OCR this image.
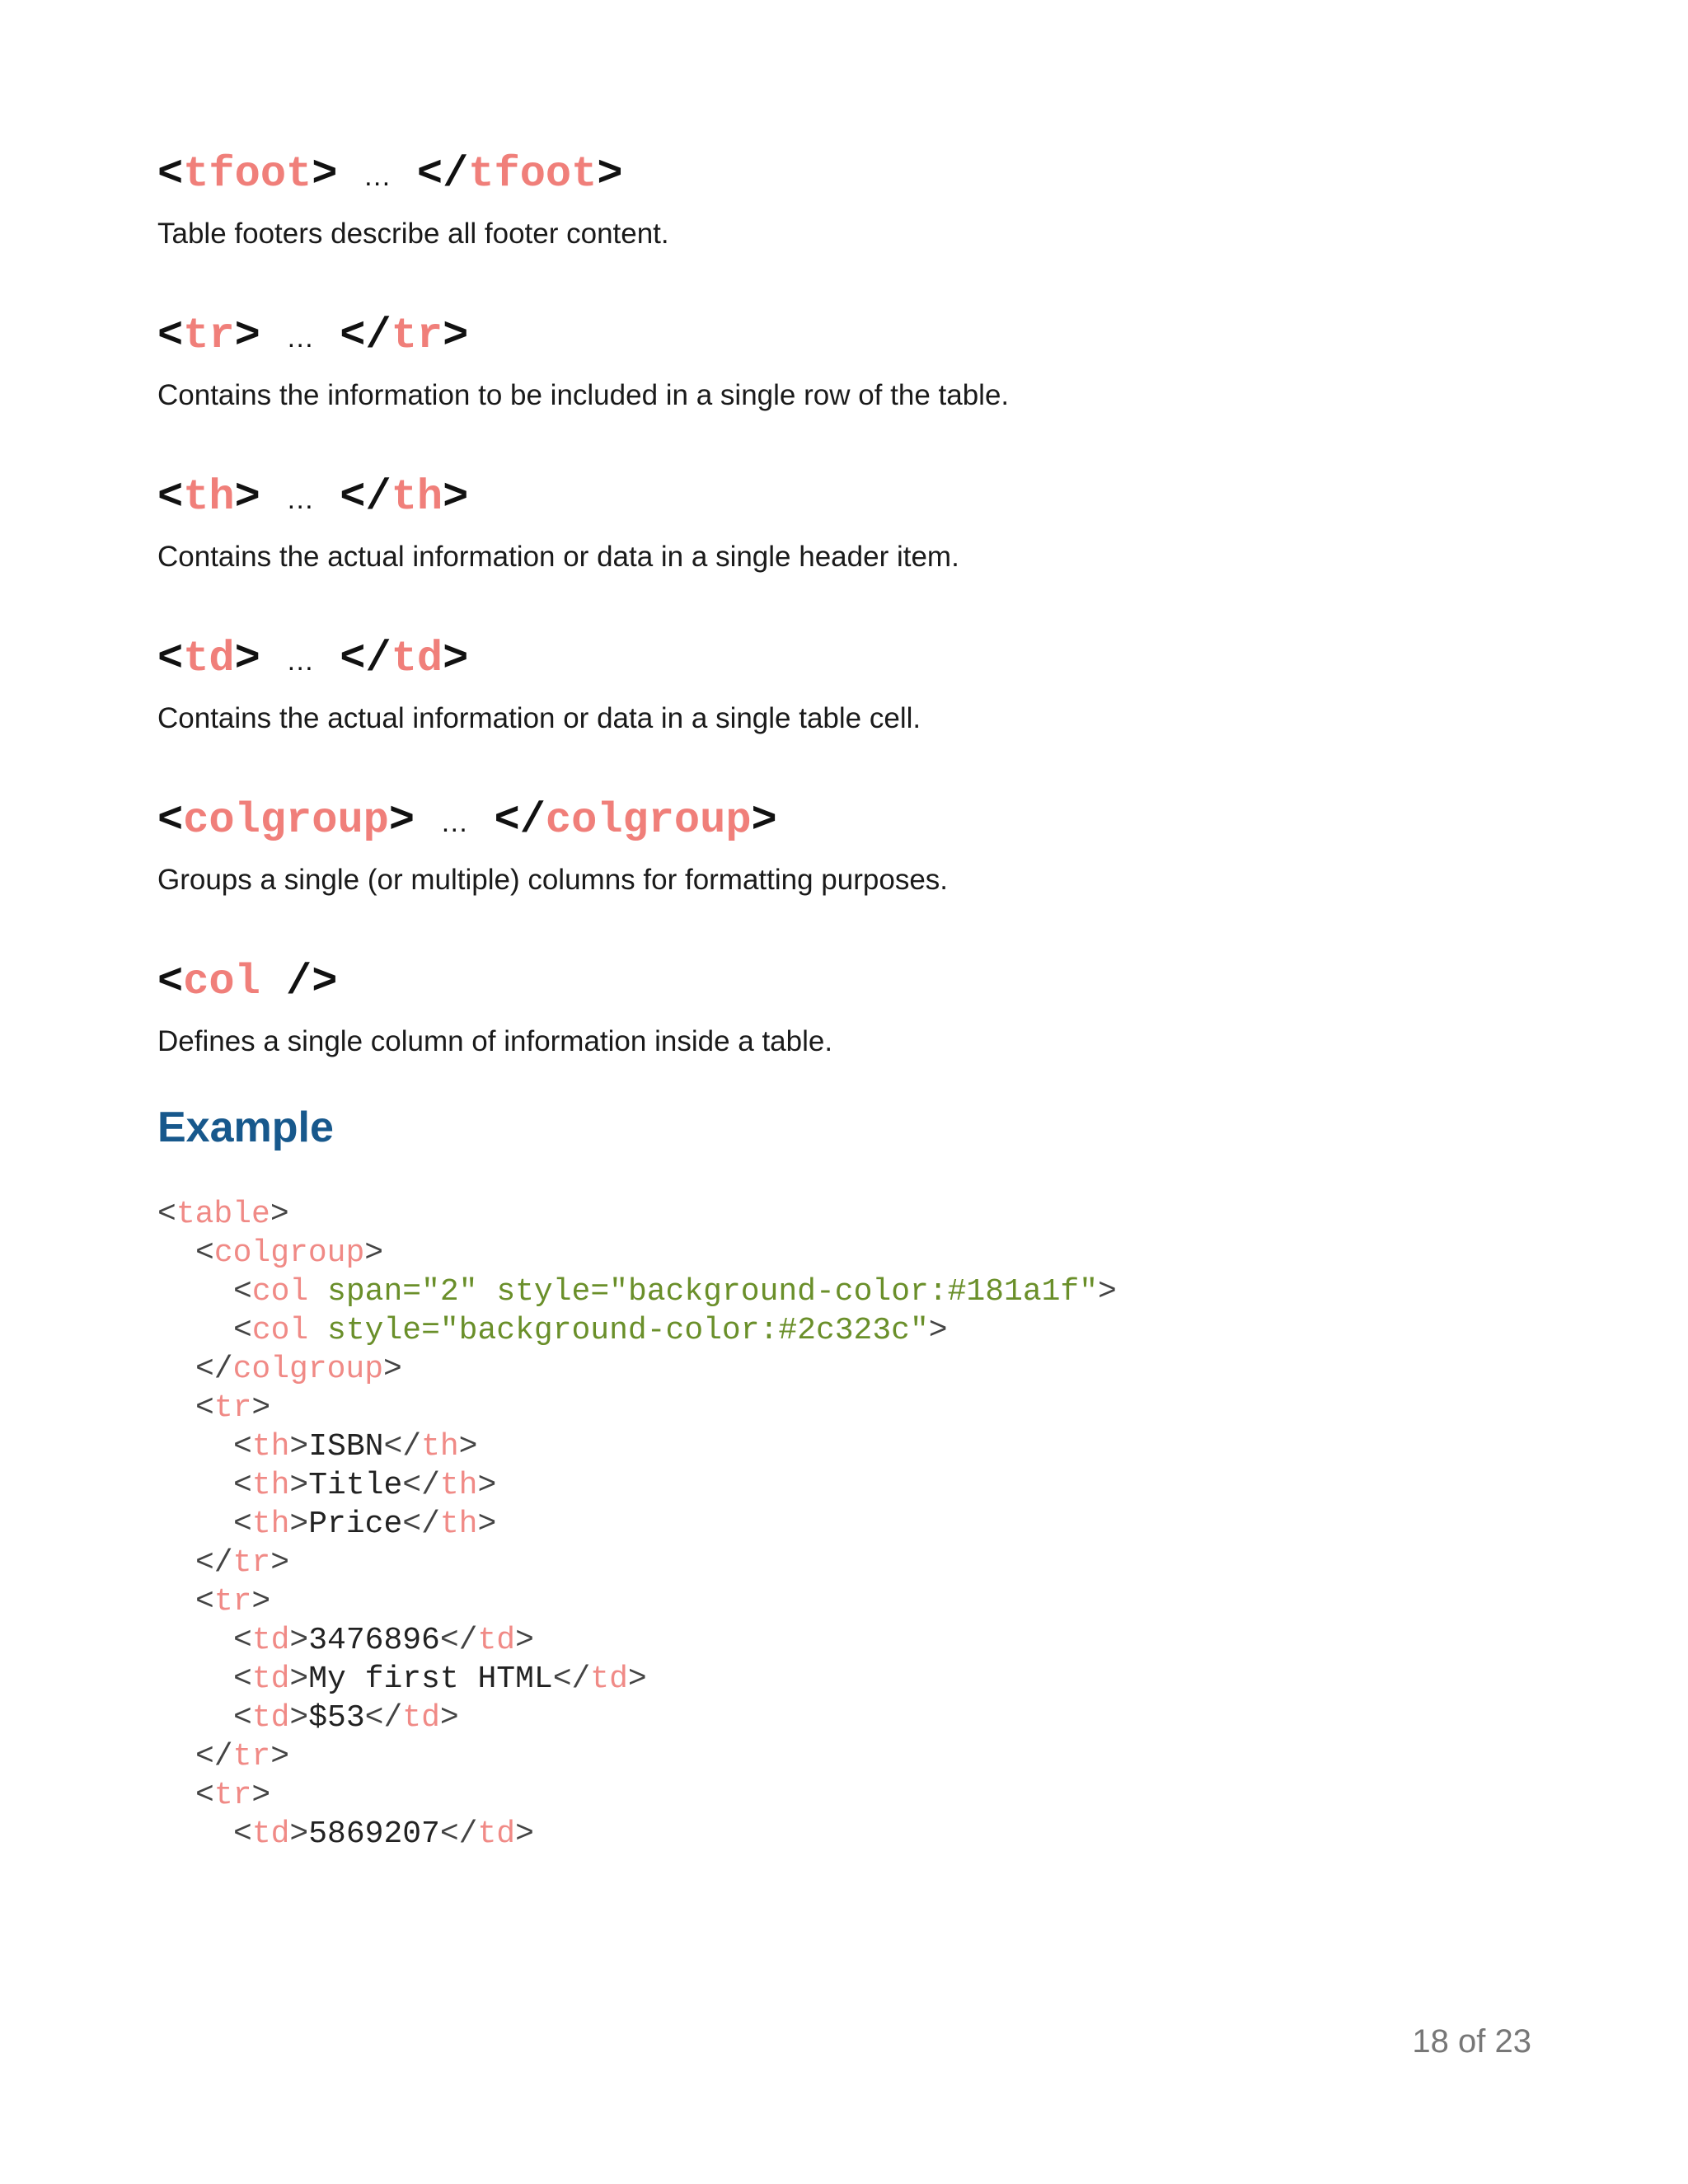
<tfoot> … </tfoot>
Table footers describe all footer content.
<tr> … </tr>
Contains the information to be included in a single row of the table.
<th> … </th>
Contains the actual information or data in a single header item.
<td> … </td>
Contains the actual information or data in a single table cell.
<colgroup> … </colgroup>
Groups a single (or multiple) columns for formatting purposes.
<col />
Defines a single column of information inside a table.
Example
<table>
<colgroup>
<col span="2" style="background-color:#181a1f">
<col style="background-color:#2c323c">
</colgroup>
<tr>
<th>ISBN</th>
<th>Title</th>
<th>Price</th>
</tr>
<tr>
<td>3476896</td>
<td>My first HTML</td>
<td>$53</td>
</tr>
<tr>
<td>5869207</td>
18 of 23
